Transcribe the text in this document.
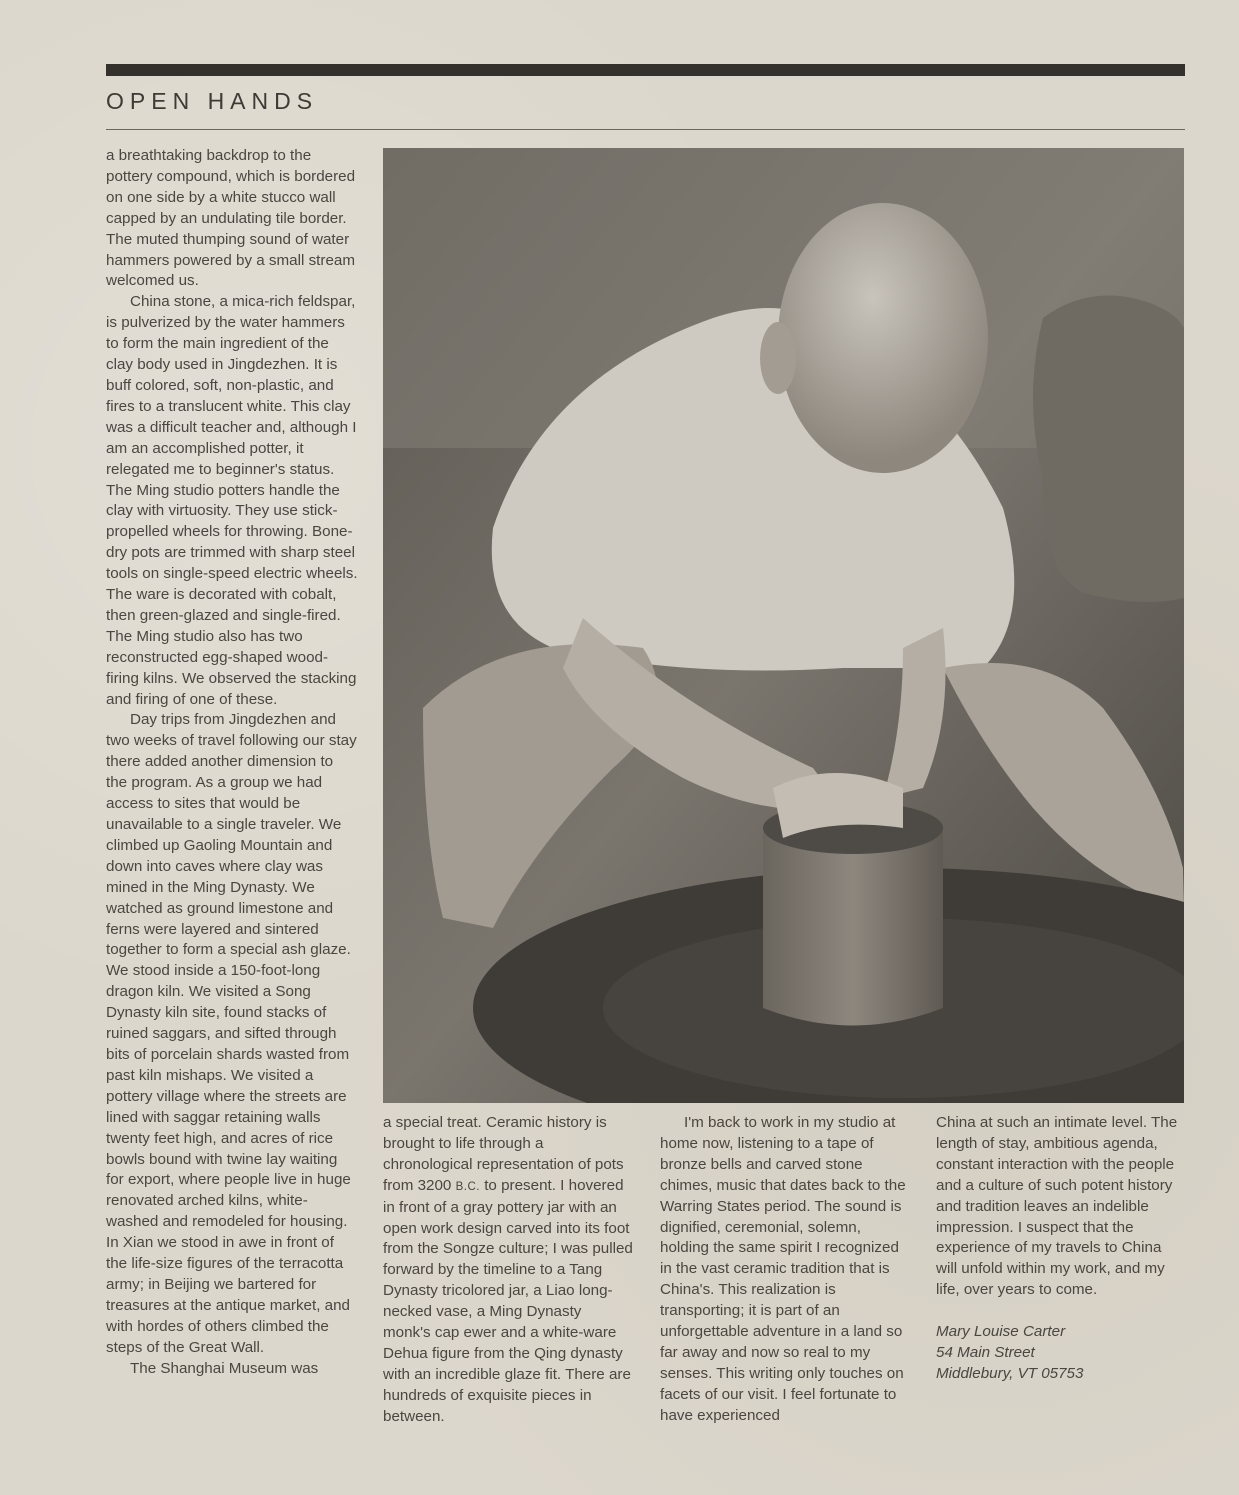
OPEN HANDS

a breathtaking backdrop to the pottery compound, which is bordered on one side by a white stucco wall capped by an undulating tile border. The muted thumping sound of water hammers powered by a small stream welcomed us.

China stone, a mica-rich feldspar, is pulverized by the water hammers to form the main ingredient of the clay body used in Jingdezhen. It is buff colored, soft, non-plastic, and fires to a translucent white. This clay was a difficult teacher and, although I am an accomplished potter, it relegated me to beginner's status. The Ming studio potters handle the clay with virtuosity. They use stick-propelled wheels for throwing. Bone-dry pots are trimmed with sharp steel tools on single-speed electric wheels. The ware is decorated with cobalt, then green-glazed and single-fired. The Ming studio also has two reconstructed egg-shaped wood-firing kilns. We observed the stacking and firing of one of these.

Day trips from Jingdezhen and two weeks of travel following our stay there added another dimension to the program. As a group we had access to sites that would be unavailable to a single traveler. We climbed up Gaoling Mountain and down into caves where clay was mined in the Ming Dynasty. We watched as ground limestone and ferns were layered and sintered together to form a special ash glaze. We stood inside a 150-foot-long dragon kiln. We visited a Song Dynasty kiln site, found stacks of ruined saggars, and sifted through bits of porcelain shards wasted from past kiln mishaps. We visited a pottery village where the streets are lined with saggar retaining walls twenty feet high, and acres of rice bowls bound with twine lay waiting for export, where people live in huge renovated arched kilns, white-washed and remodeled for housing. In Xian we stood in awe in front of the life-size figures of the terracotta army; in Beijing we bartered for treasures at the antique market, and with hordes of others climbed the steps of the Great Wall.

The Shanghai Museum was

a special treat. Ceramic history is brought to life through a chronological representation of pots from 3200 B.C. to present. I hovered in front of a gray pottery jar with an open work design carved into its foot from the Songze culture; I was pulled forward by the timeline to a Tang Dynasty tricolored jar, a Liao long-necked vase, a Ming Dynasty monk's cap ewer and a white-ware Dehua figure from the Qing dynasty with an incredible glaze fit. There are hundreds of exquisite pieces in between.

I'm back to work in my studio at home now, listening to a tape of bronze bells and carved stone chimes, music that dates back to the Warring States period. The sound is dignified, ceremonial, solemn, holding the same spirit I recognized in the vast ceramic tradition that is China's. This realization is transporting; it is part of an unforgettable adventure in a land so far away and now so real to my senses. This writing only touches on facets of our visit. I feel fortunate to have experienced

China at such an intimate level. The length of stay, ambitious agenda, constant interaction with the people and a culture of such potent history and tradition leaves an indelible impression. I suspect that the experience of my travels to China will unfold within my work, and my life, over years to come.

Mary Louise Carter
54 Main Street
Middlebury, VT 05753
